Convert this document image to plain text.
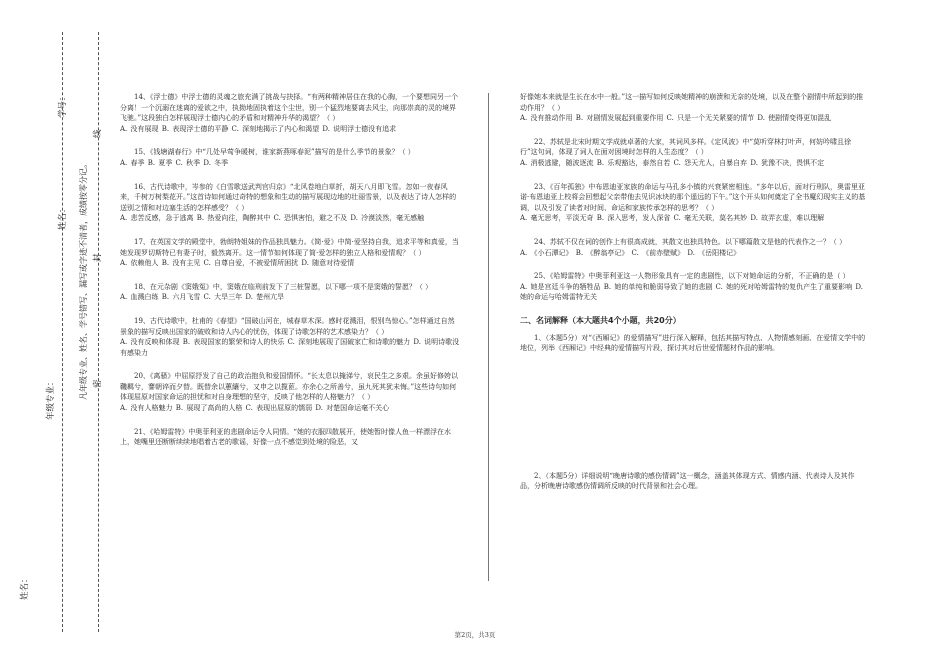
姓名：
年级专业：	凡年级专业、姓名、学号错写、漏写或字迹不清者，成绩按零分记。
线
封
密
姓名：
学号：	14、《浮士德》中浮士德的灵魂之旅充满了挑战与抉择。“有两种精神居住在我的心胸，一个要想同另一个分离！一个沉溺在迷离的爱欲之中，执拗地固执着这个尘世，别一个猛烈地要离去风尘，向那崇高的灵的境界飞驰。”这段独白怎样展现浮士德内心的矛盾和对精神升华的渴望？（ ）
A. 没有展现 B. 表现浮士德的平静 C. 深刻地揭示了内心和渴望 D. 说明浮士德没有追求
15、《钱塘湖春行》中“几处早莺争暖树，谁家新燕啄春泥”描写的是什么季节的景象？（ ）
A. 春季 B. 夏季 C. 秋季 D. 冬季
16、古代诗歌中，岑参的《白雪歌送武判官归京》“北风卷地白草折，胡天八月即飞雪。忽如一夜春风来，千树万树梨花开。”这首诗如何通过奇特的想象和生动的描写展现边地的壮丽雪景，以及表达了诗人怎样的送别之情和对边塞生活的怎样感受？（ ）
A. 悲苦反感，急于逃离 B. 热爱向往，陶醉其中 C. 恐惧害怕，避之不及 D. 冷漠淡然，毫无感触
17、在英国文学的殿堂中，勃朗特姐妹的作品独具魅力。《简·爱》中简·爱坚持自我，追求平等和真爱，当她发现罗切斯特已有妻子时，毅然离开。这一情节如何体现了简·爱怎样的独立人格和爱情观？（ ）
A. 依赖他人 B. 没有主见 C. 自尊自爱，不被爱情所困扰 D. 随意对待爱情
18、在元杂剧《窦娥冤》中，窦娥在临刑前发下了三桩誓愿，以下哪一项不是窦娥的誓愿？（ ）
A. 血溅白练 B. 六月飞雪 C. 大旱三年 D. 楚州亢旱
19、古代诗歌中，杜甫的《春望》“国破山河在，城春草木深。感时花溅泪，恨别鸟惊心。”怎样通过自然景象的描写反映出国家的破败和诗人内心的忧伤，体现了诗歌怎样的艺术感染力？（ ）
A. 没有反映和体现 B. 表现国家的繁荣和诗人的快乐 C. 深刻地展现了国破家亡和诗歌的魅力 D. 说明诗歌没有感染力
20、《离骚》中屈原抒发了自己的政治抱负和爱国情怀。“长太息以掩涕兮，哀民生之多艰。余虽好修姱以鞿羁兮，謇朝谇而夕替。既替余以蕙纕兮，又申之以揽茝。亦余心之所善兮，虽九死其犹未悔。”这些诗句如何体现屈原对国家命运的担忧和对自身理想的坚守，反映了他怎样的人格魅力？（ ）
A. 没有人格魅力 B. 展现了高尚的人格 C. 表现出屈原的懦弱 D. 对楚国命运毫不关心
21、《哈姆雷特》中奥菲利亚的悲剧命运令人同情。“她的衣服四散展开，使她暂时像人鱼一样漂浮在水上，她嘴里还断断续续地唱着古老的歌谣，好像一点不感觉到处境的险恶，又
好像她本来就是生长在水中一般。”这一描写如何反映她精神的崩溃和无奈的处境，以及在整个剧情中所起到的推动作用？（ ）
A. 没有推动作用 B. 对剧情发展起到重要作用 C. 只是一个无关紧要的情节 D. 使剧情变得更加混乱
22、苏轼是北宋时期文学成就卓著的大家，其词风多样。《定风波》中“莫听穿林打叶声，何妨吟啸且徐行”这句词，体现了词人在面对困境时怎样的人生态度？（ ）
A. 消极逃避，随波逐流 B. 乐观豁达，泰然自若 C. 怨天尤人，自暴自弃 D. 犹豫不决，畏惧不定
23、《百年孤独》中布恩迪亚家族的命运与马孔多小镇的兴衰紧密相连。“多年以后，面对行刑队，奥雷里亚诺·布恩迪亚上校将会回想起父亲带他去见识冰块的那个遥远的下午。”这个开头如何奠定了全书魔幻现实主义的基调，以及引发了读者对时间、命运和家族传承怎样的思考？（ ）
A. 毫无思考，平淡无奇 B. 深入思考，发人深省 C. 毫无关联，莫名其妙 D. 故弄玄虚，难以理解
24、苏轼不仅在词的创作上有很高成就，其散文也独具特色。以下哪篇散文是他的代表作之一？（ ）
A. 《小石潭记》 B. 《醉翁亭记》 C. 《前赤壁赋》 D. 《岳阳楼记》
25、《哈姆雷特》中奥菲利亚这一人物形象具有一定的悲剧性，以下对她命运的分析，不正确的是（ ）
A. 她是宫廷斗争的牺牲品 B. 她的单纯和脆弱导致了她的悲剧 C. 她的死对哈姆雷特的复仇产生了重要影响 D. 她的命运与哈姆雷特无关
二、名词解释（本大题共4个小题，共20分）
1、（本题5分）对“《西厢记》的爱情描写”进行深入解释，包括其描写特点、人物情感刻画、在爱情文学中的地位，列举《西厢记》中经典的爱情描写片段，探讨其对后世爱情题材作品的影响。
2、（本题5分）详细说明“晚唐诗歌的感伤情调”这一概念，涵盖其体现方式、情感内涵、代表诗人及其作品，分析晚唐诗歌感伤情调所反映的时代背景和社会心理。
第2页，共3页
